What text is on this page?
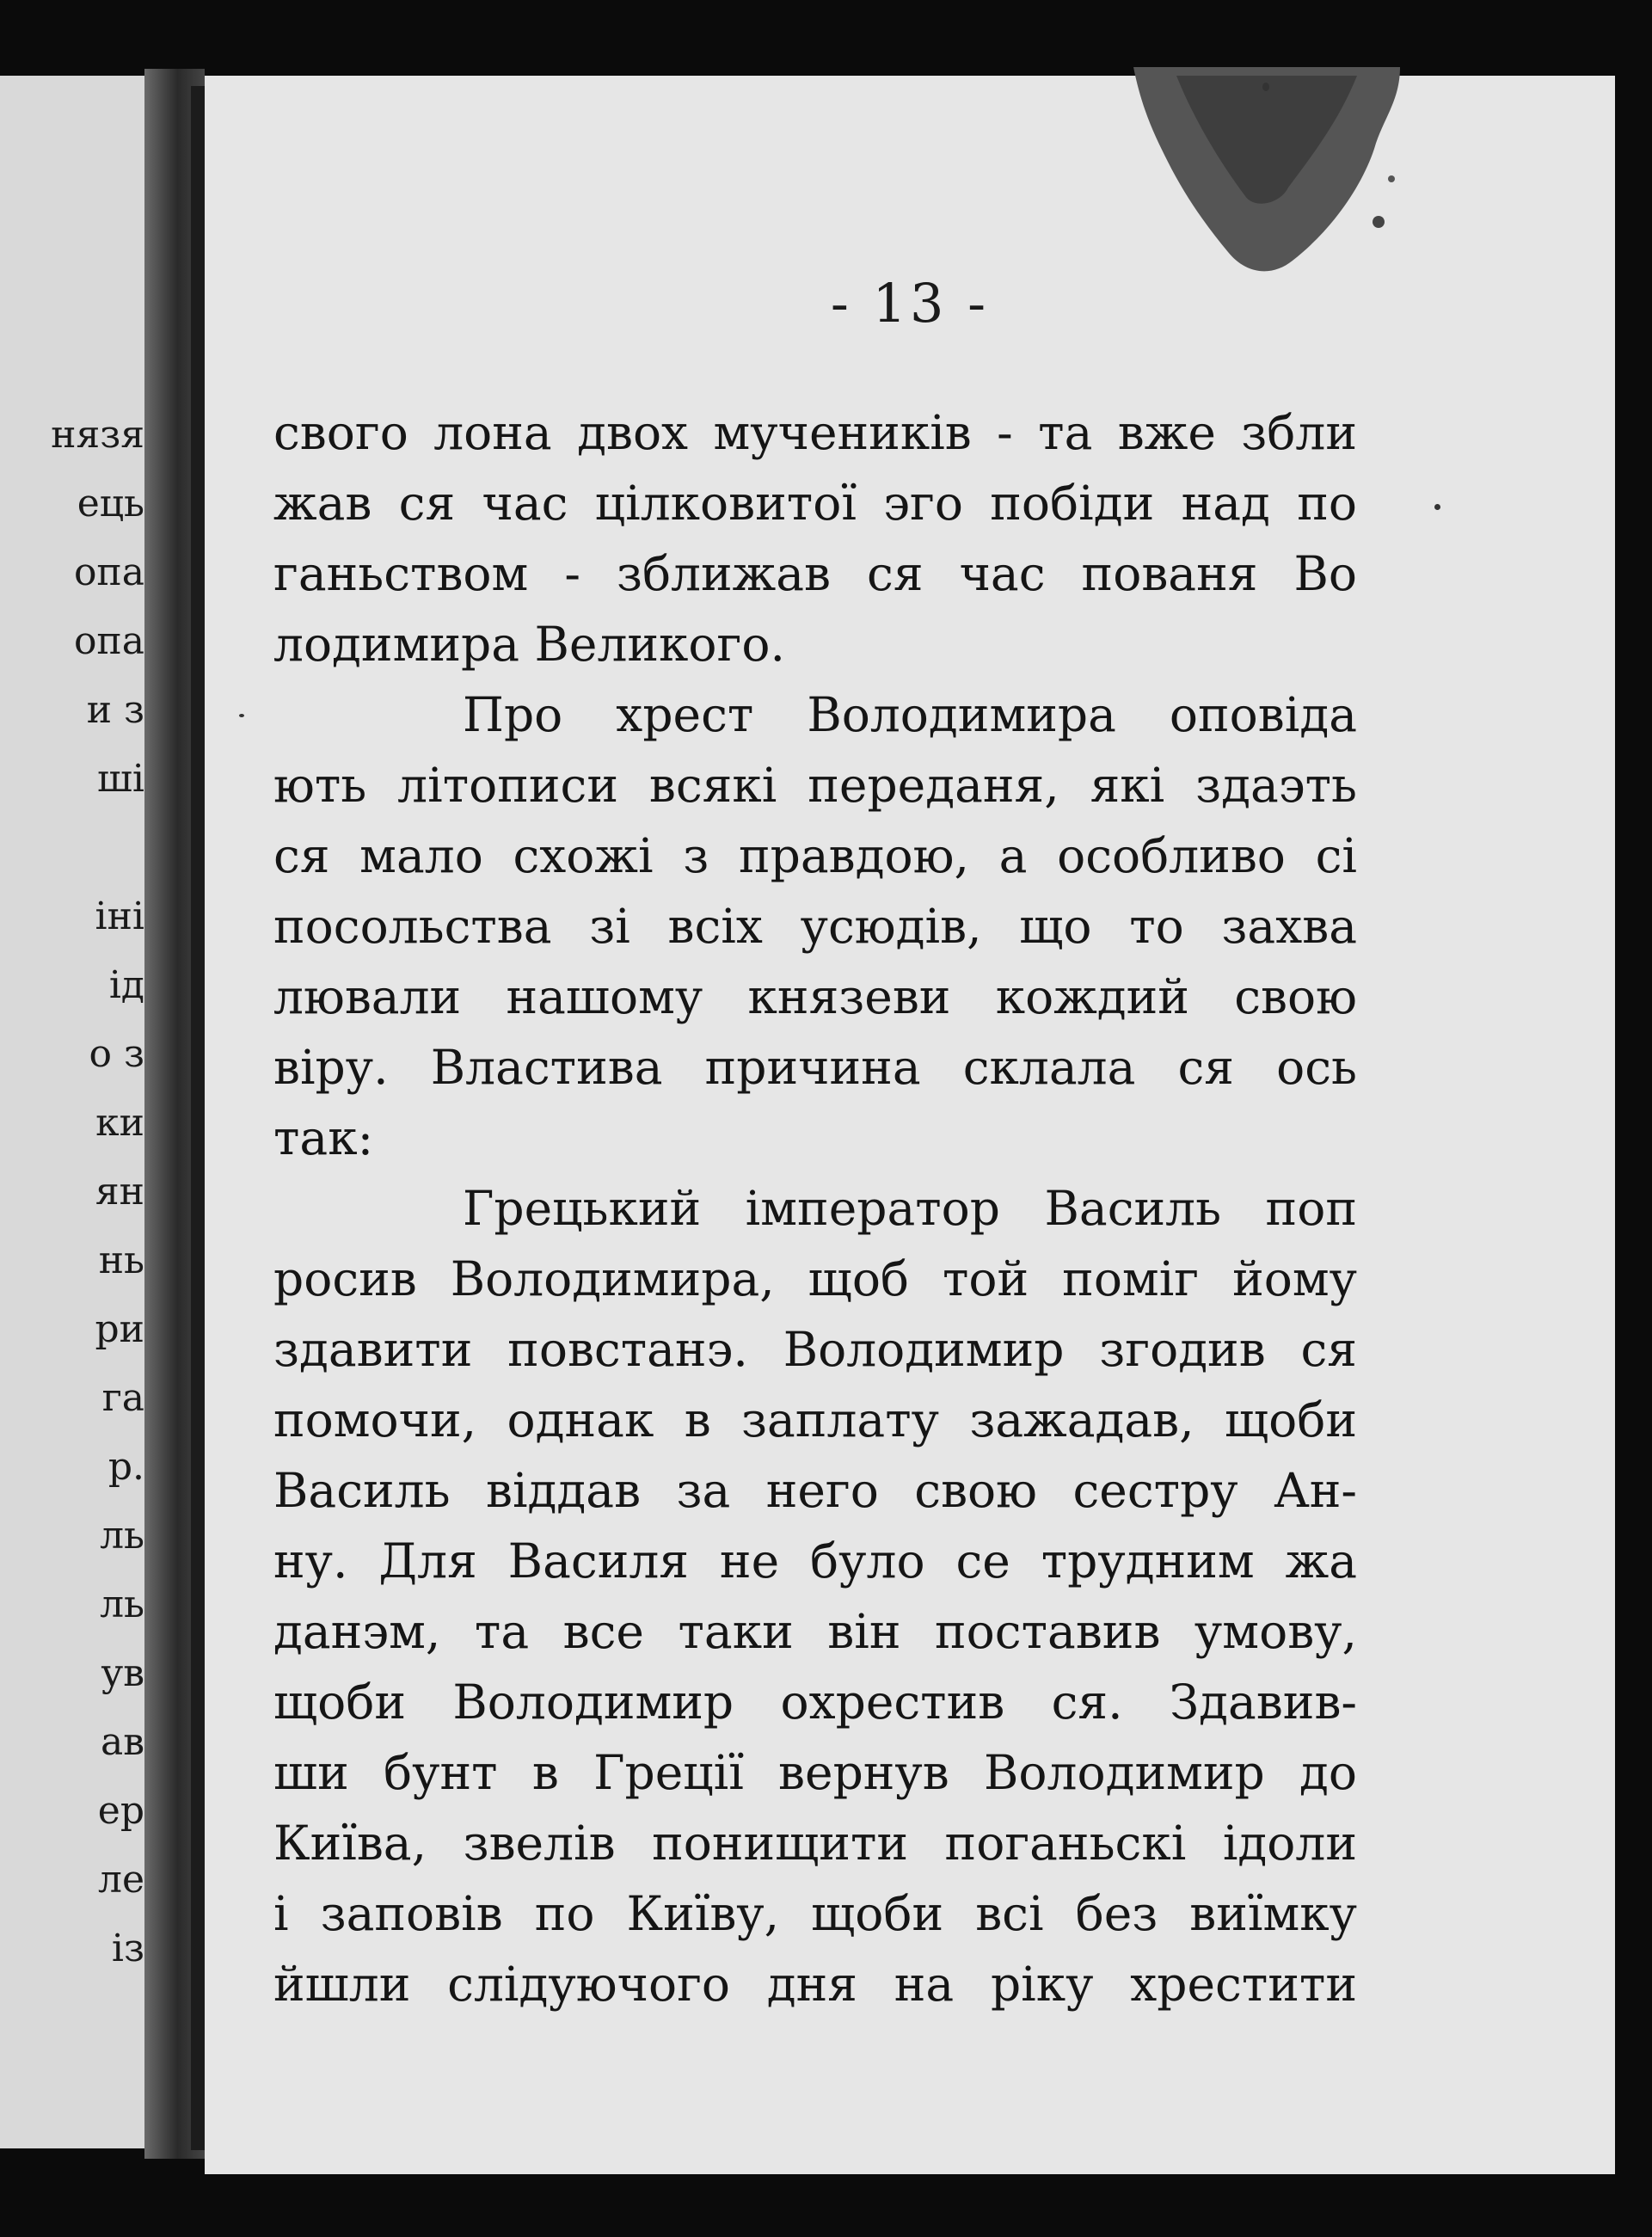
нязя
ець
опа
опа
и з
ші
інi
ід
о з
ки
ян
нь
ри
га
р.
ль
ль
ув
ав
ер
ле
із
- 13 -
свого лона двох мучеників - та вже збли
жав ся час цілковитої эго побіди над по
ганьством - зближав ся час пованя Во
лодимира Великого.
Про хрест Володимира оповіда
ють літописи всякі переданя, які здаэть
ся мало схожі з правдою, а особливо сі
посольства зі всіх усюдів, що то захва
лювали нашому князеви кождий свою
віру. Властива причина склала ся ось
так:
Грецький імператор Василь поп
росив Володимира, щоб той поміг йому
здавити повстанэ. Володимир згодив ся
помочи, однак в заплату зажадав, щоби
Василь віддав за него свою сестру Ан-
ну. Для Василя не було се трудним жа
данэм, та все таки він поставив умову,
щоби Володимир охрестив ся. Здавив-
ши бунт в Греції вернув Володимир до
Київа, звелів понищити поганьскі ідоли
і заповів по Київу, щоби всі без виїмку
йшли слідуючого дня на ріку хрестити
